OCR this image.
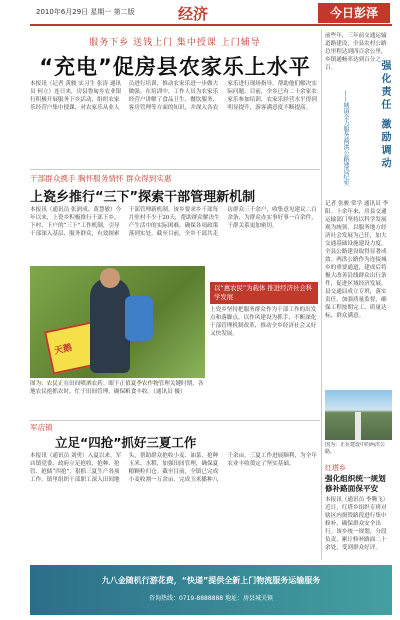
2010年6月29日 星期一 第二版	经济	今日彭泽
服务下乡 送钱上门 集中授课 上门辅导
“充电”促房县农家乐上水平
本报讯（记者 黄骏 实习生 张涛 通讯员 何立）连日来，房县鲁甸乡农业银行积极开展服务下乡活动，组织农家乐经营户集中授课，对农家乐从业人员进行培训，推动农家乐进一步做大做强。在培训中，工作人员为农家乐经营户讲解了食品卫生、餐饮服务、客房管理等方面的知识，并深入各农家乐进行现场指导，帮助他们解决实际问题。目前，全乡已有二十余家农家乐参加培训，农家乐经营水平得到明显提升，游客满意度不断提高。
干部群众携手 胸怀服务情怀 群众得到实惠
上瓷乡推行“三下”探索干部管理新机制
本报讯（通讯员 张润成、黄慧敏）今年以来，上瓷乡积极推行干部下乡、下村、下户的“三下”工作机制，引导干部深入基层、服务群众，有效探索干部管理新机制。该乡要求乡干部每月驻村不少于20天，帮助群众解决生产生活中的实际困难，确保各项政策落到实处。截至目前，全乡干部共走访群众三千余户，收集意见建议二百余条，为群众办实事好事一百余件，干群关系更加密切。
天鹅
以“惠农民”为载体 推进经济社会科学发展
上瓷乡坚持把服务群众作为干部工作的出发点和落脚点，以作风建设为抓手，不断深化干部管理机制改革，推动全乡经济社会又好又快发展。
图为：农民正在田间喷洒农药。眼下正值夏季农作物管理关键时期，各地农民抢抓农时，忙于田间管理，确保粮食丰收。（通讯员 摄）
军店镇
立足“四抢”抓好三夏工作
本报讯（通讯员 刘勇）入夏以来，军店镇党委、政府立足抢收、抢种、抢管、抢储“四抢”，狠抓三夏生产各项工作。镇里组织干部职工深入田间地头，帮助群众抢收小麦、油菜，抢种玉米、水稻，加强田间管理，确保夏粮颗粒归仓。截至目前，全镇已完成小麦收割一万余亩，完成玉米播种八千余亩，三夏工作进展顺利，为全年农业丰收奠定了坚实基础。
九八金随机行游花费，“快递”提供全新上门物流服务运输服务
咨询热线：0719-8888888 地址：房县城关镇
前些年，三年前交通运输道路建设，全县农村公路总里程达到四百余公里，乡镇通畅率达到百分之百。	强化责任 激励调动
——城镇全力服务两洪公路建设纪实
记者 张骏 常学 通讯员 李阳。十余年来，房县交通运输部门坚持以科学发展观为统领，以服务地方经济社会发展为己任，加大交通基础设施建设力度，全县公路建设取得显著成效。两洪公路作为连接城乡的重要通道，建成后将极大改善沿线群众出行条件，促进区域经济发展。县交通局成立专班，落实责任，加强质量监督，确保工程按期完工、质量达标，群众满意。
图为：正在建设中的两洪公路。
红塔乡
强化组织统一规划 修补路面保平安
本报讯（通讯员 李腾飞）近日，红塔乡组织专班对辖区内损毁路段进行集中修补，确保群众安全出行。该乡统一规划，分段负责，累计修补路面二十余处，受到群众好评。
